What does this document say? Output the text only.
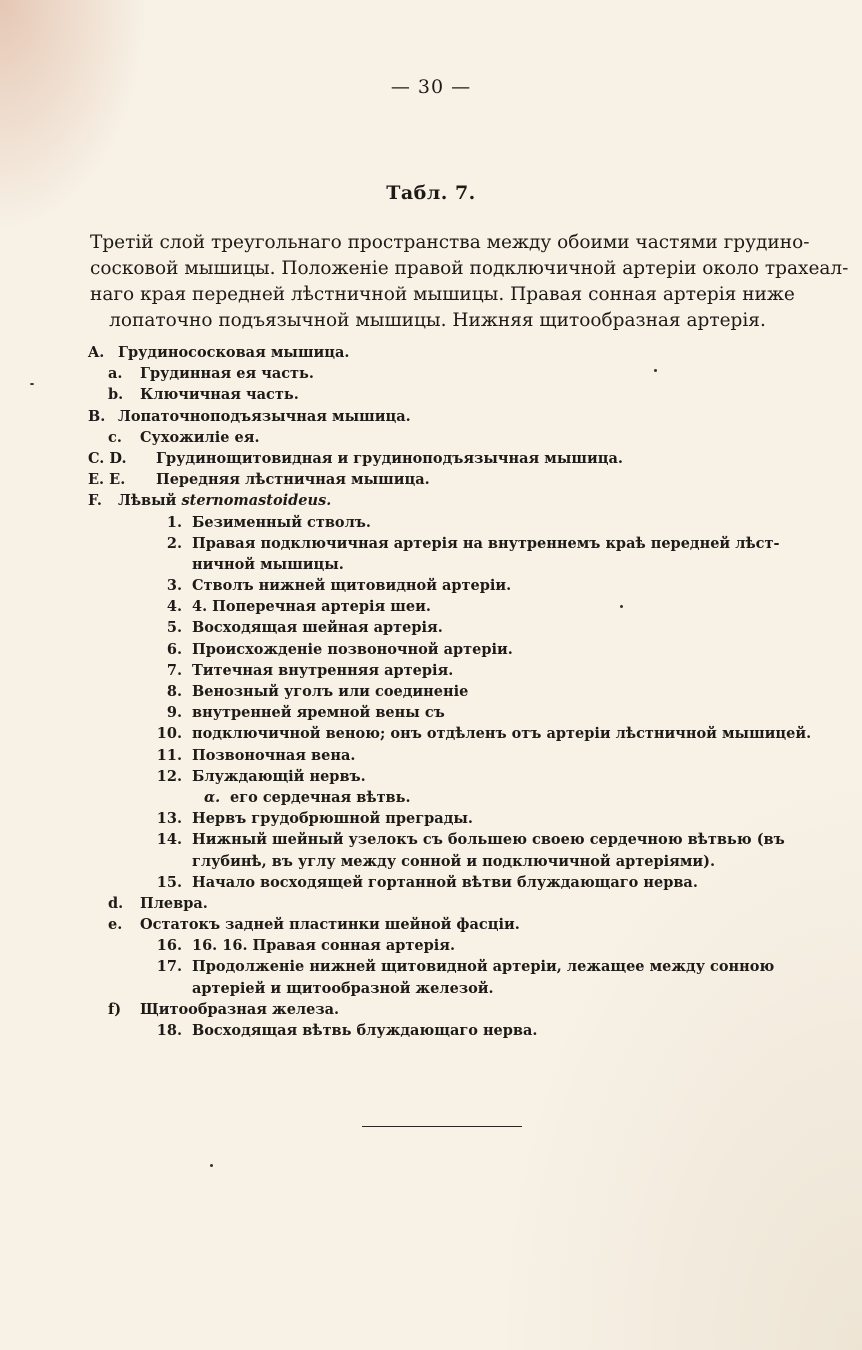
— 30 —
Табл. 7.
Третій слой треугольнаго пространства между обоими частями грудино-
сосковой мышицы. Положеніе правой подключичной артеріи около трахеал-
наго края передней лѣстничной мышицы. Правая сонная артерія ниже
лопаточно подъязычной мышицы. Нижняя щитообразная артерія.
A. Грудинососковая мышица.
a. Грудинная ея часть.
b. Ключичная часть.
B. Лопаточноподъязычная мышица.
c. Сухожиліе ея.
C. D. Грудинощитовидная и грудиноподъязычная мышица.
E. E. Передняя лѣстничная мышица.
F. Лѣвый sternomastoideus.
1. Безименный стволъ.
2. Правая подключичная артерія на внутреннемъ краѣ передней лѣст-
ничной мышицы.
3. Стволъ нижней щитовидной артеріи.
4. 4. Поперечная артерія шеи.
5. Восходящая шейная артерія.
6. Происхожденіе позвоночной артеріи.
7. Титечная внутренняя артерія.
8. Венозный уголъ или соединеніе
9. внутренней яремной вены съ
10. подключичной веною; онъ отдѣленъ отъ артеріи лѣстничной мышицей.
11. Позвоночная вена.
12. Блуждающій нервъ.
α. его сердечная вѣтвь.
13. Нервъ грудобрюшной преграды.
14. Нижный шейный узелокъ съ большею своею сердечною вѣтвью (въ
глубинѣ, въ углу между сонной и подключичной артеріями).
15. Начало восходящей гортанной вѣтви блуждающаго нерва.
d. Плевра.
e. Остатокъ задней пластинки шейной фасціи.
16. 16. 16. Правая сонная артерія.
17. Продолженіе нижней щитовидной артеріи, лежащее между сонною
артеріей и щитообразной железой.
f) Щитообразная железа.
18. Восходящая вѣтвь блуждающаго нерва.
